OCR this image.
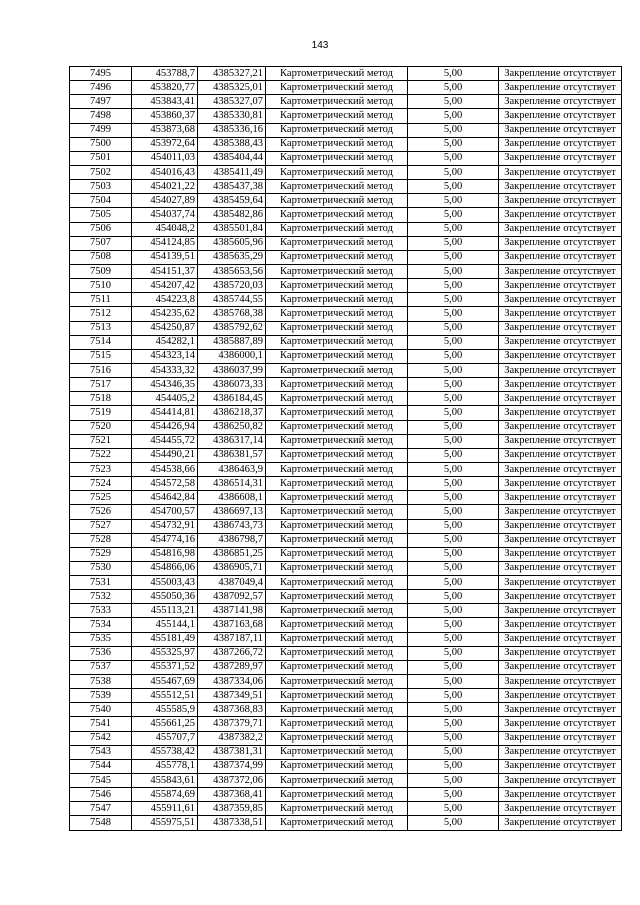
143
7495	453788,7	4385327,21	Картометрический метод	5,00	Закрепление отсутствует
7496	453820,77	4385325,01	Картометрический метод	5,00	Закрепление отсутствует
7497	453843,41	4385327,07	Картометрический метод	5,00	Закрепление отсутствует
7498	453860,37	4385330,81	Картометрический метод	5,00	Закрепление отсутствует
7499	453873,68	4385336,16	Картометрический метод	5,00	Закрепление отсутствует
7500	453972,64	4385388,43	Картометрический метод	5,00	Закрепление отсутствует
7501	454011,03	4385404,44	Картометрический метод	5,00	Закрепление отсутствует
7502	454016,43	4385411,49	Картометрический метод	5,00	Закрепление отсутствует
7503	454021,22	4385437,38	Картометрический метод	5,00	Закрепление отсутствует
7504	454027,89	4385459,64	Картометрический метод	5,00	Закрепление отсутствует
7505	454037,74	4385482,86	Картометрический метод	5,00	Закрепление отсутствует
7506	454048,2	4385501,84	Картометрический метод	5,00	Закрепление отсутствует
7507	454124,85	4385605,96	Картометрический метод	5,00	Закрепление отсутствует
7508	454139,51	4385635,29	Картометрический метод	5,00	Закрепление отсутствует
7509	454151,37	4385653,56	Картометрический метод	5,00	Закрепление отсутствует
7510	454207,42	4385720,03	Картометрический метод	5,00	Закрепление отсутствует
7511	454223,8	4385744,55	Картометрический метод	5,00	Закрепление отсутствует
7512	454235,62	4385768,38	Картометрический метод	5,00	Закрепление отсутствует
7513	454250,87	4385792,62	Картометрический метод	5,00	Закрепление отсутствует
7514	454282,1	4385887,89	Картометрический метод	5,00	Закрепление отсутствует
7515	454323,14	4386000,1	Картометрический метод	5,00	Закрепление отсутствует
7516	454333,32	4386037,99	Картометрический метод	5,00	Закрепление отсутствует
7517	454346,35	4386073,33	Картометрический метод	5,00	Закрепление отсутствует
7518	454405,2	4386184,45	Картометрический метод	5,00	Закрепление отсутствует
7519	454414,81	4386218,37	Картометрический метод	5,00	Закрепление отсутствует
7520	454426,94	4386250,82	Картометрический метод	5,00	Закрепление отсутствует
7521	454455,72	4386317,14	Картометрический метод	5,00	Закрепление отсутствует
7522	454490,21	4386381,57	Картометрический метод	5,00	Закрепление отсутствует
7523	454538,66	4386463,9	Картометрический метод	5,00	Закрепление отсутствует
7524	454572,58	4386514,31	Картометрический метод	5,00	Закрепление отсутствует
7525	454642,84	4386608,1	Картометрический метод	5,00	Закрепление отсутствует
7526	454700,57	4386697,13	Картометрический метод	5,00	Закрепление отсутствует
7527	454732,91	4386743,73	Картометрический метод	5,00	Закрепление отсутствует
7528	454774,16	4386798,7	Картометрический метод	5,00	Закрепление отсутствует
7529	454816,98	4386851,25	Картометрический метод	5,00	Закрепление отсутствует
7530	454866,06	4386905,71	Картометрический метод	5,00	Закрепление отсутствует
7531	455003,43	4387049,4	Картометрический метод	5,00	Закрепление отсутствует
7532	455050,36	4387092,57	Картометрический метод	5,00	Закрепление отсутствует
7533	455113,21	4387141,98	Картометрический метод	5,00	Закрепление отсутствует
7534	455144,1	4387163,68	Картометрический метод	5,00	Закрепление отсутствует
7535	455181,49	4387187,11	Картометрический метод	5,00	Закрепление отсутствует
7536	455325,97	4387266,72	Картометрический метод	5,00	Закрепление отсутствует
7537	455371,52	4387289,97	Картометрический метод	5,00	Закрепление отсутствует
7538	455467,69	4387334,06	Картометрический метод	5,00	Закрепление отсутствует
7539	455512,51	4387349,51	Картометрический метод	5,00	Закрепление отсутствует
7540	455585,9	4387368,83	Картометрический метод	5,00	Закрепление отсутствует
7541	455661,25	4387379,71	Картометрический метод	5,00	Закрепление отсутствует
7542	455707,7	4387382,2	Картометрический метод	5,00	Закрепление отсутствует
7543	455738,42	4387381,31	Картометрический метод	5,00	Закрепление отсутствует
7544	455778,1	4387374,99	Картометрический метод	5,00	Закрепление отсутствует
7545	455843,61	4387372,06	Картометрический метод	5,00	Закрепление отсутствует
7546	455874,69	4387368,41	Картометрический метод	5,00	Закрепление отсутствует
7547	455911,61	4387359,85	Картометрический метод	5,00	Закрепление отсутствует
7548	455975,51	4387338,51	Картометрический метод	5,00	Закрепление отсутствует
